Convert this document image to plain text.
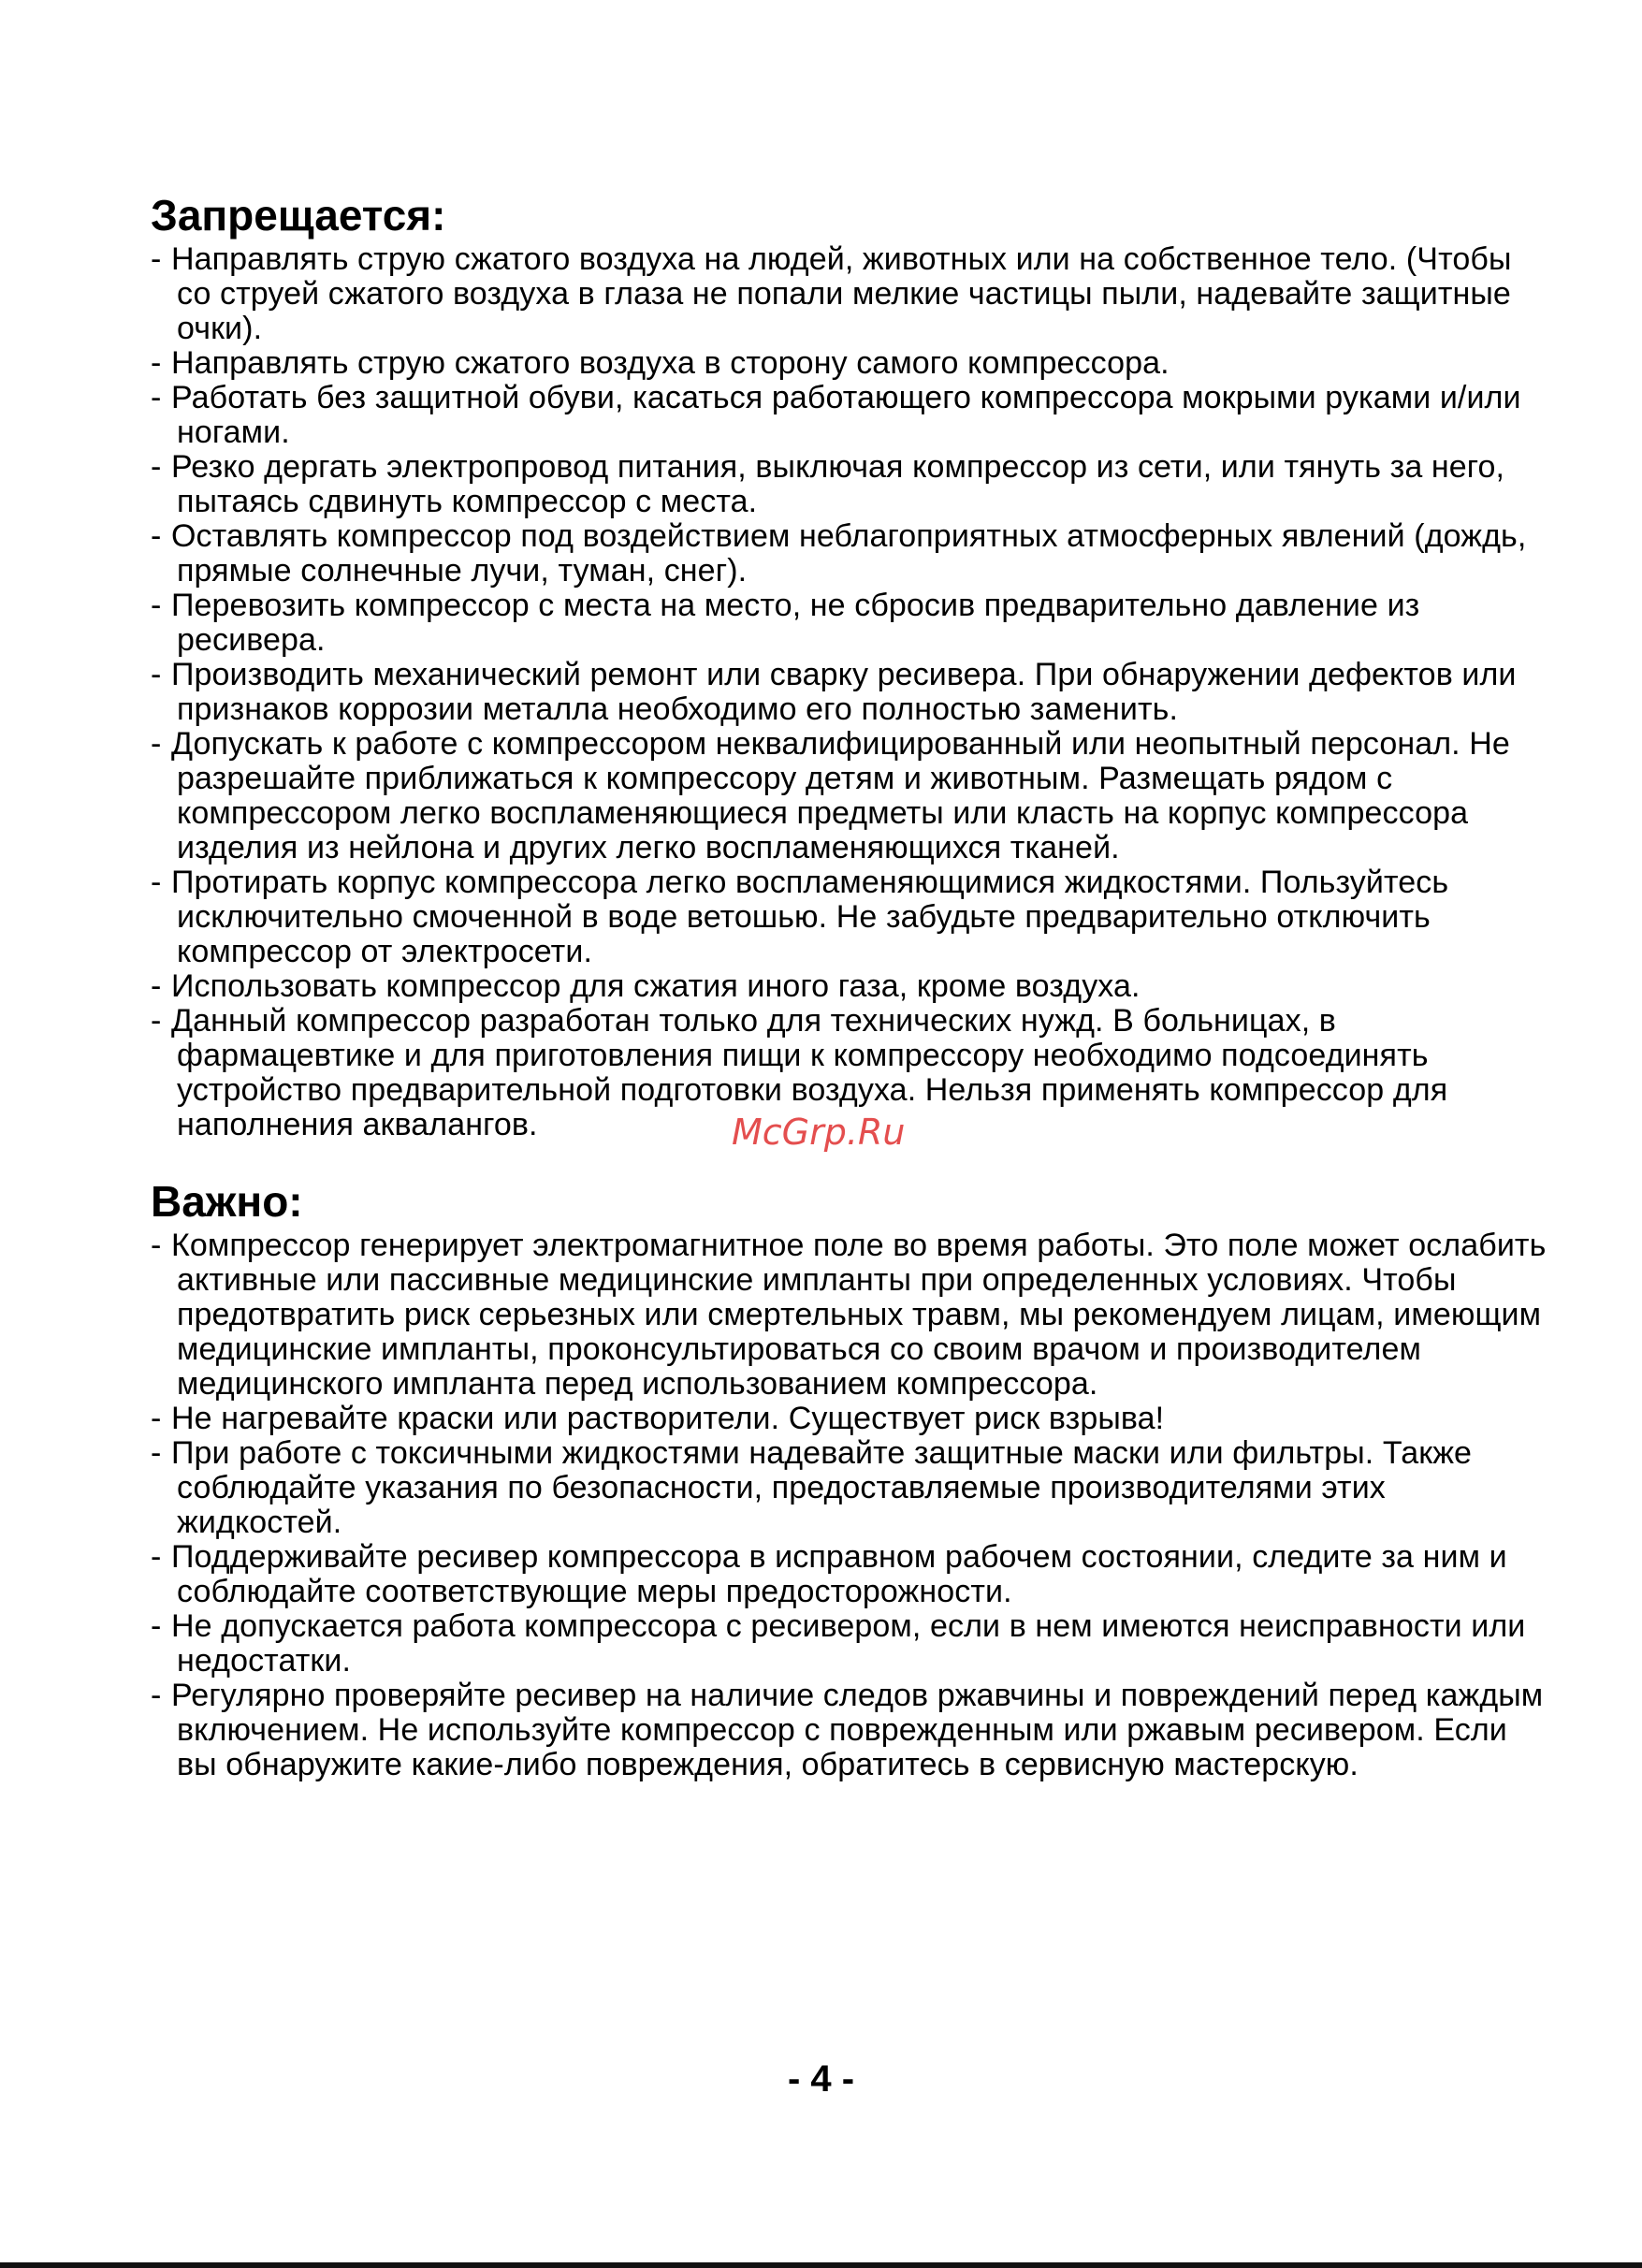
Запрещается:
- Направлять струю сжатого воздуха на людей, животных или на собственное тело. (Чтобы со струей сжатого воздуха в глаза не попали мелкие частицы пыли, надевайте защитные очки).
- Направлять струю сжатого воздуха в сторону самого компрессора.
- Работать без защитной обуви, касаться работающего компрессора мокрыми руками и/или ногами.
- Резко дергать электропровод питания, выключая компрессор из сети, или тянуть за него, пытаясь сдвинуть компрессор с места.
- Оставлять компрессор под воздействием неблагоприятных атмосферных явлений (дождь, прямые солнечные лучи, туман, снег).
- Перевозить компрессор с места на место, не сбросив предварительно давление из ресивера.
- Производить механический ремонт или сварку ресивера. При обнаружении дефектов или признаков коррозии металла необходимо его полностью заменить.
- Допускать к работе с компрессором неквалифицированный или неопытный персонал. Не разрешайте приближаться к компрессору детям и животным. Размещать рядом с компрессором легко воспламеняющиеся предметы или класть на корпус компрессора изделия из нейлона и других легко воспламеняющихся тканей.
- Протирать корпус компрессора легко воспламеняющимися жидкостями. Пользуйтесь исключительно смоченной в воде ветошью. Не забудьте предварительно отключить компрессор от электросети.
- Использовать компрессор для сжатия иного газа, кроме воздуха.
- Данный компрессор разработан только для технических нужд. В больницах, в фармацевтике и для приготовления пищи к компрессору необходимо подсоединять устройство предварительной подготовки воздуха. Нельзя применять компрессор для наполнения аквалангов.
Важно:
- Компрессор генерирует электромагнитное поле во время работы. Это поле может ослабить активные или пассивные медицинские импланты при определенных условиях. Чтобы предотвратить риск серьезных или смертельных травм, мы рекомендуем лицам, имеющим медицинские импланты, проконсультироваться со своим врачом и производителем медицинского импланта перед использованием компрессора.
- Не нагревайте краски или растворители. Существует риск взрыва!
- При работе с токсичными жидкостями надевайте защитные маски или фильтры. Также соблюдайте указания по безопасности, предоставляемые производителями этих жидкостей.
- Поддерживайте ресивер компрессора в исправном рабочем состоянии, следите за ним и соблюдайте соответствующие меры предосторожности.
- Не допускается работа компрессора с ресивером, если в нем имеются неисправности или недостатки.
- Регулярно проверяйте ресивер на наличие следов ржавчины и повреждений перед каждым включением. Не используйте компрессор с поврежденным или ржавым ресивером. Если вы обнаружите какие-либо повреждения, обратитесь в сервисную мастерскую.
McGrp.Ru
- 4 -
